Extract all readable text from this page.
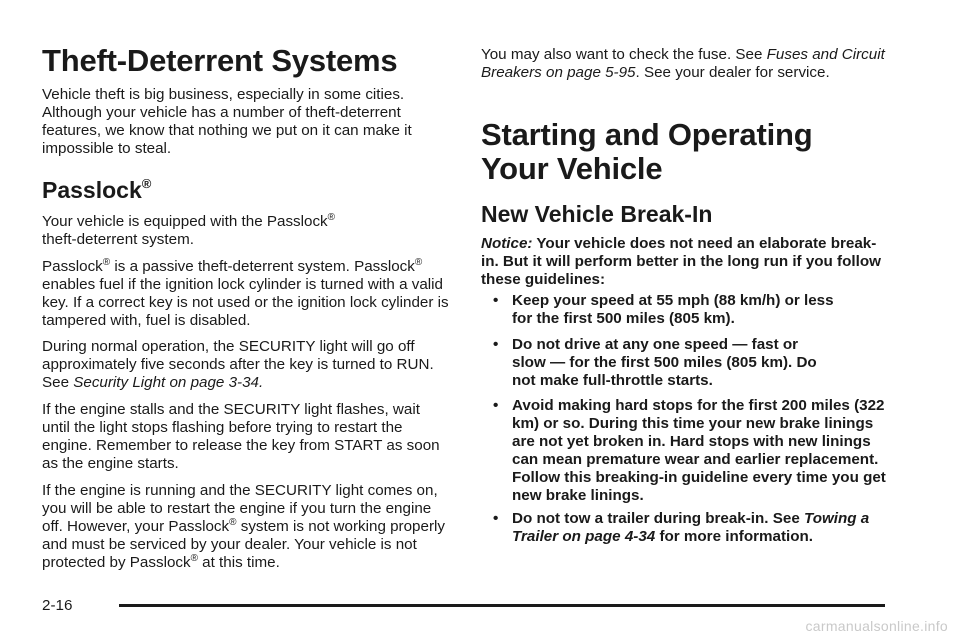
Theft-Deterrent Systems

Vehicle theft is big business, especially in some cities. Although your vehicle has a number of theft-deterrent features, we know that nothing we put on it can make it impossible to steal.

Passlock®

Your vehicle is equipped with the Passlock®
theft-deterrent system.

Passlock® is a passive theft-deterrent system. Passlock® enables fuel if the ignition lock cylinder is turned with a valid key. If a correct key is not used or the ignition lock cylinder is tampered with, fuel is disabled.

During normal operation, the SECURITY light will go off approximately five seconds after the key is turned to RUN. See Security Light on page 3-34.

If the engine stalls and the SECURITY light flashes, wait until the light stops flashing before trying to restart the engine. Remember to release the key from START as soon as the engine starts.

If the engine is running and the SECURITY light comes on, you will be able to restart the engine if you turn the engine off. However, your Passlock® system is not working properly and must be serviced by your dealer. Your vehicle is not protected by Passlock® at this time.

You may also want to check the fuse. See Fuses and Circuit Breakers on page 5-95. See your dealer for service.

Starting and Operating
Your Vehicle
New Vehicle Break-In

Notice: Your vehicle does not need an elaborate break-in. But it will perform better in the long run if you follow these guidelines:

• Keep your speed at 55 mph (88 km/h) or less for the first 500 miles (805 km).
• Do not drive at any one speed — fast or slow — for the first 500 miles (805 km). Do not make full-throttle starts.
• Avoid making hard stops for the first 200 miles (322 km) or so. During this time your new brake linings are not yet broken in. Hard stops with new linings can mean premature wear and earlier replacement. Follow this breaking-in guideline every time you get new brake linings.
• Do not tow a trailer during break-in. See Towing a Trailer on page 4-34 for more information.
2-16
carmanualsonline.info
